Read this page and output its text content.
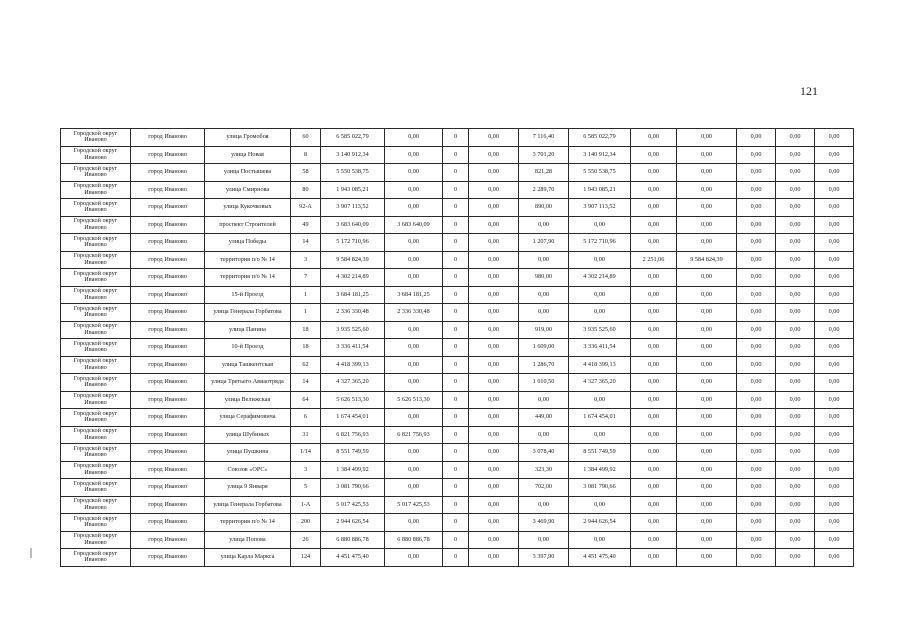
121
Городской округ Иваново	город Иваново	улица Громобоя	60	6 585 022,79	0,00	0	0,00	7 116,40	6 585 022,79	0,00	0,00	0,00	0,00	0,00
Городской округ Иваново	город Иваново	улица Новая	8	3 140 912,34	0,00	0	0,00	3 701,20	3 140 912,34	0,00	0,00	0,00	0,00	0,00
Городской округ Иваново	город Иваново	улица Постышева	58	5 550 538,75	0,00	0	0,00	821,28	5 550 538,75	0,00	0,00	0,00	0,00	0,00
Городской округ Иваново	город Иваново	улица Смирнова	80	1 943 085,21	0,00	0	0,00	2 289,70	1 943 085,21	0,00	0,00	0,00	0,00	0,00
Городской округ Иваново	город Иваново	улица Кукочковых	92-А	3 907 113,52	0,00	0	0,00	890,00	3 907 113,52	0,00	0,00	0,00	0,00	0,00
Городской округ Иваново	город Иваново	проспект Строителей	49	3 683 640,09	3 683 640,09	0	0,00	0,00	0,00	0,00	0,00	0,00	0,00	0,00
Городской округ Иваново	город Иваново	улица Победы	14	5 172 710,96	0,00	0	0,00	1 207,90	5 172 710,96	0,00	0,00	0,00	0,00	0,00
Городской округ Иваново	город Иваново	территория п/о № 14	3	9 584 824,39	0,00	0	0,00	0,00	0,00	2 251,06	9 584 824,39	0,00	0,00	0,00
Городской округ Иваново	город Иваново	территория п/о № 14	7	4 302 214,89	0,00	0	0,00	980,00	4 302 214,89	0,00	0,00	0,00	0,00	0,00
Городской округ Иваново	город Иваново	15-й Проезд	1	3 684 181,25	3 684 181,25	0	0,00	0,00	0,00	0,00	0,00	0,00	0,00	0,00
Городской округ Иваново	город Иваново	улица Генерала Горбатова	1	2 336 330,48	2 336 330,48	0	0,00	0,00	0,00	0,00	0,00	0,00	0,00	0,00
Городской округ Иваново	город Иваново	улица Панина	18	3 935 525,60	0,00	0	0,00	919,00	3 935 525,60	0,00	0,00	0,00	0,00	0,00
Городской округ Иваново	город Иваново	10-й Проезд	18	3 336 411,54	0,00	0	0,00	1 609,00	3 336 411,54	0,00	0,00	0,00	0,00	0,00
Городской округ Иваново	город Иваново	улица Ташкентская	62	4 418 399,13	0,00	0	0,00	1 286,70	4 418 399,13	0,00	0,00	0,00	0,00	0,00
Городской округ Иваново	город Иваново	улица Третьего Авиаотряда	14	4 327 365,20	0,00	0	0,00	1 010,50	4 327 365,20	0,00	0,00	0,00	0,00	0,00
Городской округ Иваново	город Иваново	улица Велижская	64	5 626 513,30	5 626 513,30	0	0,00	0,00	0,00	0,00	0,00	0,00	0,00	0,00
Городской округ Иваново	город Иваново	улица Серафимовича	6	1 674 454,01	0,00	0	0,00	449,00	1 674 454,01	0,00	0,00	0,00	0,00	0,00
Городской округ Иваново	город Иваново	улица Шубиных	31	6 821 756,93	6 821 756,93	0	0,00	0,00	0,00	0,00	0,00	0,00	0,00	0,00
Городской округ Иваново	город Иваново	улица Пушкина	1/14	8 551 749,59	0,00	0	0,00	3 078,40	8 551 749,59	0,00	0,00	0,00	0,00	0,00
Городской округ Иваново	город Иваново	Союзов «ОРС»	3	1 384 499,92	0,00	0	0,00	323,30	1 384 499,92	0,00	0,00	0,00	0,00	0,00
Городской округ Иваново	город Иваново	улица 9 Января	5	3 081 790,66	0,00	0	0,00	702,00	3 081 790,66	0,00	0,00	0,00	0,00	0,00
Городской округ Иваново	город Иваново	улица Генерала Горбатова	1-А	5 017 425,53	5 017 425,53	0	0,00	0,00	0,00	0,00	0,00	0,00	0,00	0,00
Городской округ Иваново	город Иваново	территория п/о № 14	200	2 944 626,54	0,00	0	0,00	3 469,90	2 944 626,54	0,00	0,00	0,00	0,00	0,00
Городской округ Иваново	город Иваново	улица Попова	26	6 880 886,78	6 880 886,78	0	0,00	0,00	0,00	0,00	0,00	0,00	0,00	0,00
Городской округ Иваново	город Иваново	улица Карла Маркса	124	4 451 475,40	0,00	0	0,00	3 397,90	4 451 475,40	0,00	0,00	0,00	0,00	0,00
